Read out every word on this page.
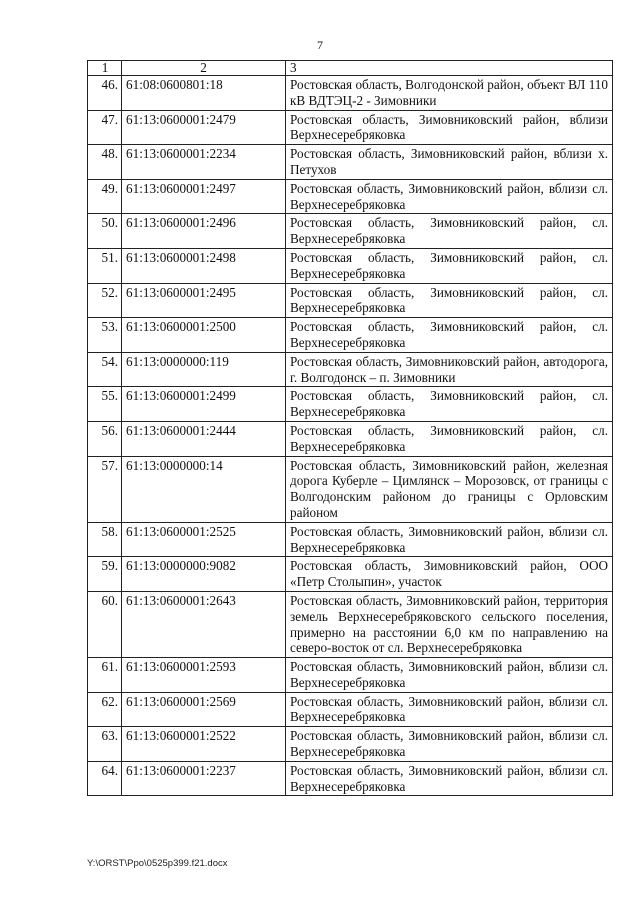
7
1	2	3
46.	61:08:0600801:18	Ростовская область, Волгодонской район, объект ВЛ 110 кВ ВДТЭЦ-2 - Зимовники
47.	61:13:0600001:2479	Ростовская область, Зимовниковский район, вблизи Верхнесеребряковка
48.	61:13:0600001:2234	Ростовская область, Зимовниковский район, вблизи х. Петухов
49.	61:13:0600001:2497	Ростовская область, Зимовниковский район, вблизи сл. Верхнесеребряковка
50.	61:13:0600001:2496	Ростовская область, Зимовниковский район, сл. Верхнесеребряковка
51.	61:13:0600001:2498	Ростовская область, Зимовниковский район, сл. Верхнесеребряковка
52.	61:13:0600001:2495	Ростовская область, Зимовниковский район, сл. Верхнесеребряковка
53.	61:13:0600001:2500	Ростовская область, Зимовниковский район, сл. Верхнесеребряковка
54.	61:13:0000000:119	Ростовская область, Зимовниковский район, автодорога, г. Волгодонск – п. Зимовники
55.	61:13:0600001:2499	Ростовская область, Зимовниковский район, сл. Верхнесеребряковка
56.	61:13:0600001:2444	Ростовская область, Зимовниковский район, сл. Верхнесеребряковка
57.	61:13:0000000:14	Ростовская область, Зимовниковский район, железная дорога Куберле – Цимлянск – Морозовск, от границы с Волгодонским районом до границы с Орловским районом
58.	61:13:0600001:2525	Ростовская область, Зимовниковский район, вблизи сл. Верхнесеребряковка
59.	61:13:0000000:9082	Ростовская область, Зимовниковский район, ООО «Петр Столыпин», участок
60.	61:13:0600001:2643	Ростовская область, Зимовниковский район, территория земель Верхнесеребряковского сельского поселения, примерно на расстоянии 6,0 км по направлению на северо-восток от сл. Верхнесеребряковка
61.	61:13:0600001:2593	Ростовская область, Зимовниковский район, вблизи сл. Верхнесеребряковка
62.	61:13:0600001:2569	Ростовская область, Зимовниковский район, вблизи сл. Верхнесеребряковка
63.	61:13:0600001:2522	Ростовская область, Зимовниковский район, вблизи сл. Верхнесеребряковка
64.	61:13:0600001:2237	Ростовская область, Зимовниковский район, вблизи сл. Верхнесеребряковка
Y:\ORST\Ppo\0525p399.f21.docx
